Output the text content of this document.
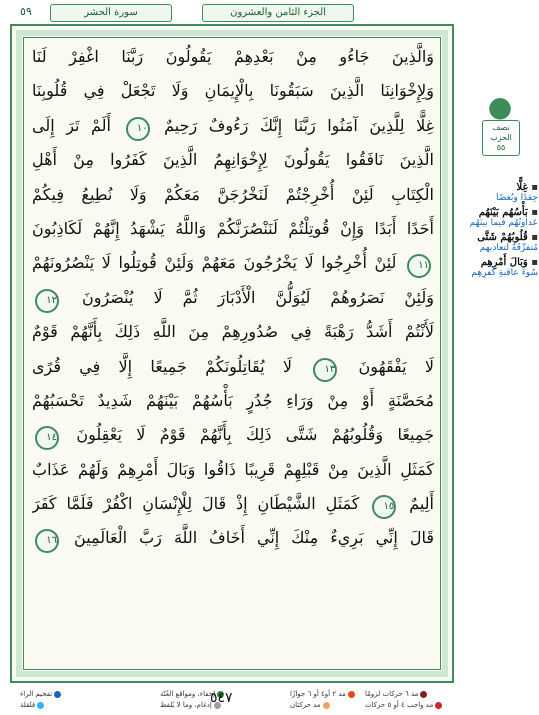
الجزء الثامن والعشرون
سورة الحشر
٥٩
وَالَّذِينَ جَاءُو مِنْ بَعْدِهِمْ يَقُولُونَ رَبَّنَا اغْفِرْ لَنَا
وَلِإِخْوَانِنَا الَّذِينَ سَبَقُونَا بِالْإِيمَانِ وَلَا تَجْعَلْ فِي قُلُوبِنَا
غِلًّا لِلَّذِينَ آمَنُوا رَبَّنَا إِنَّكَ رَءُوفٌ رَحِيمٌ ١٠ أَلَمْ تَرَ إِلَى
الَّذِينَ نَافَقُوا يَقُولُونَ لِإِخْوَانِهِمُ الَّذِينَ كَفَرُوا مِنْ أَهْلِ
الْكِتَابِ لَئِنْ أُخْرِجْتُمْ لَنَخْرُجَنَّ مَعَكُمْ وَلَا نُطِيعُ فِيكُمْ
أَحَدًا أَبَدًا وَإِنْ قُوتِلْتُمْ لَنَنْصُرَنَّكُمْ وَاللَّهُ يَشْهَدُ إِنَّهُمْ لَكَاذِبُونَ
١١ لَئِنْ أُخْرِجُوا لَا يَخْرُجُونَ مَعَهُمْ وَلَئِنْ قُوتِلُوا لَا يَنْصُرُونَهُمْ
وَلَئِنْ نَصَرُوهُمْ لَيُوَلُّنَّ الْأَدْبَارَ ثُمَّ لَا يُنْصَرُونَ ١٢
لَأَنْتُمْ أَشَدُّ رَهْبَةً فِي صُدُورِهِمْ مِنَ اللَّهِ ذَلِكَ بِأَنَّهُمْ قَوْمٌ
لَا يَفْقَهُونَ ١٣ لَا يُقَاتِلُونَكُمْ جَمِيعًا إِلَّا فِي قُرًى
مُحَصَّنَةٍ أَوْ مِنْ وَرَاءِ جُدُرٍ بَأْسُهُمْ بَيْنَهُمْ شَدِيدٌ تَحْسَبُهُمْ
جَمِيعًا وَقُلُوبُهُمْ شَتَّى ذَلِكَ بِأَنَّهُمْ قَوْمٌ لَا يَعْقِلُونَ ١٤
كَمَثَلِ الَّذِينَ مِنْ قَبْلِهِمْ قَرِيبًا ذَاقُوا وَبَالَ أَمْرِهِمْ وَلَهُمْ عَذَابٌ
أَلِيمٌ ١٥ كَمَثَلِ الشَّيْطَانِ إِذْ قَالَ لِلْإِنْسَانِ اكْفُرْ فَلَمَّا كَفَرَ
قَالَ إِنِّي بَرِيءٌ مِنْكَ إِنِّي أَخَافُ اللَّهَ رَبَّ الْعَالَمِينَ ١٦
نصف
الحزب
٥٥
▪ غِلًّا
حِقدًا وبُغضًا
▪ بَأْسُهُم بَيْنَهُم
عَداوتُهُم فيما بينَهُم
▪ قُلُوبُهُمْ شَتَّى
مُتفرِّقَةٌ لتعاديهم
▪ وَبَالَ أَمْرِهِم
سُوءَ عاقبةِ كُفرِهِم
مد ٦ حركات لزومًا
مد ٢ أو٤ أو ٦ جوازًا
مد واجب ٤ أو ٥ حركات
مد حركتان
إخفاء، ومواقع الغُنّة
إدغام، وما لا يُلفظ
تفخيم الراء
قلقلة	٥٤٧
